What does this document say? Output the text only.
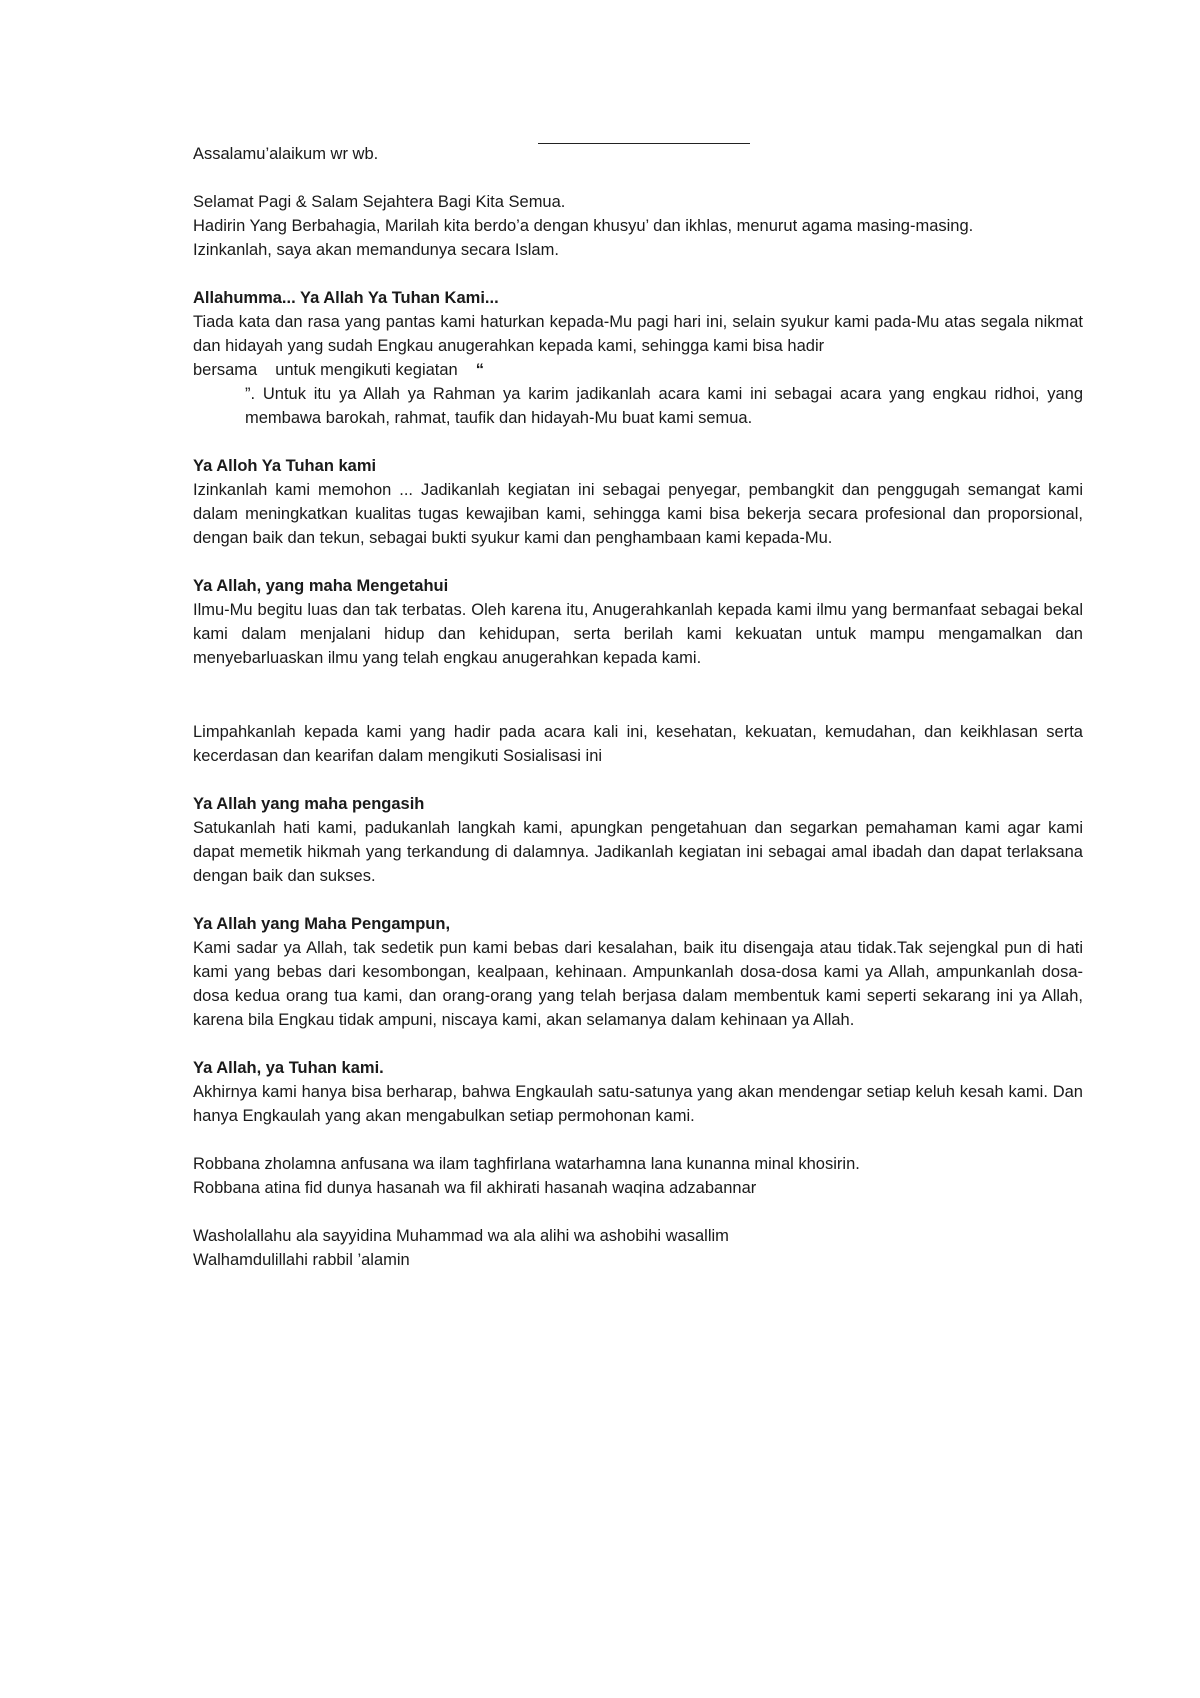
Assalamu’alaikum wr wb.

Selamat Pagi & Salam Sejahtera Bagi Kita Semua.

Hadirin Yang Berbahagia, Marilah kita berdo’a dengan khusyu’ dan ikhlas, menurut agama masing-masing.

Izinkanlah, saya akan memandunya secara Islam.

Allahumma... Ya Allah Ya Tuhan Kami...

Tiada kata dan rasa yang pantas kami haturkan kepada-Mu pagi hari ini, selain syukur kami pada-Mu atas segala nikmat dan hidayah yang sudah Engkau anugerahkan kepada kami, sehingga kami bisa hadir

bersama untuk mengikuti kegiatan “

”. Untuk itu ya Allah ya Rahman ya karim jadikanlah acara kami ini sebagai acara yang engkau ridhoi, yang membawa barokah, rahmat, taufik dan hidayah-Mu buat kami semua.

Ya Alloh Ya Tuhan kami

Izinkanlah kami memohon ... Jadikanlah kegiatan ini sebagai penyegar, pembangkit dan penggugah semangat kami dalam meningkatkan kualitas tugas kewajiban kami, sehingga kami bisa bekerja secara profesional dan proporsional, dengan baik dan tekun, sebagai bukti syukur kami dan penghambaan kami kepada-Mu.

Ya Allah, yang maha Mengetahui

Ilmu-Mu begitu luas dan tak terbatas. Oleh karena itu, Anugerahkanlah kepada kami ilmu yang bermanfaat sebagai bekal kami dalam menjalani hidup dan kehidupan, serta berilah kami kekuatan untuk mampu mengamalkan dan menyebarluaskan ilmu yang telah engkau anugerahkan kepada kami.

Limpahkanlah kepada kami yang hadir pada acara kali ini, kesehatan, kekuatan, kemudahan, dan keikhlasan serta kecerdasan dan kearifan dalam mengikuti Sosialisasi ini

Ya Allah yang maha pengasih

Satukanlah hati kami, padukanlah langkah kami, apungkan pengetahuan dan segarkan pemahaman kami agar kami dapat memetik hikmah yang terkandung di dalamnya. Jadikanlah kegiatan ini sebagai amal ibadah dan dapat terlaksana dengan baik dan sukses.

Ya Allah yang Maha Pengampun,

Kami sadar ya Allah, tak sedetik pun kami bebas dari kesalahan, baik itu disengaja atau tidak.Tak sejengkal pun di hati kami yang bebas dari kesombongan, kealpaan, kehinaan. Ampunkanlah dosa-dosa kami ya Allah, ampunkanlah dosa-dosa kedua orang tua kami, dan orang-orang yang telah berjasa dalam membentuk kami seperti sekarang ini ya Allah, karena bila Engkau tidak ampuni, niscaya kami, akan selamanya dalam kehinaan ya Allah.

Ya Allah, ya Tuhan kami.

Akhirnya kami hanya bisa berharap, bahwa Engkaulah satu-satunya yang akan mendengar setiap keluh kesah kami. Dan hanya Engkaulah yang akan mengabulkan setiap permohonan kami.

Robbana zholamna anfusana wa ilam taghfirlana watarhamna lana kunanna minal khosirin.

Robbana atina fid dunya hasanah wa fil akhirati hasanah waqina adzabannar

Washolallahu ala sayyidina Muhammad wa ala alihi wa ashobihi wasallim

Walhamdulillahi rabbil ’alamin
